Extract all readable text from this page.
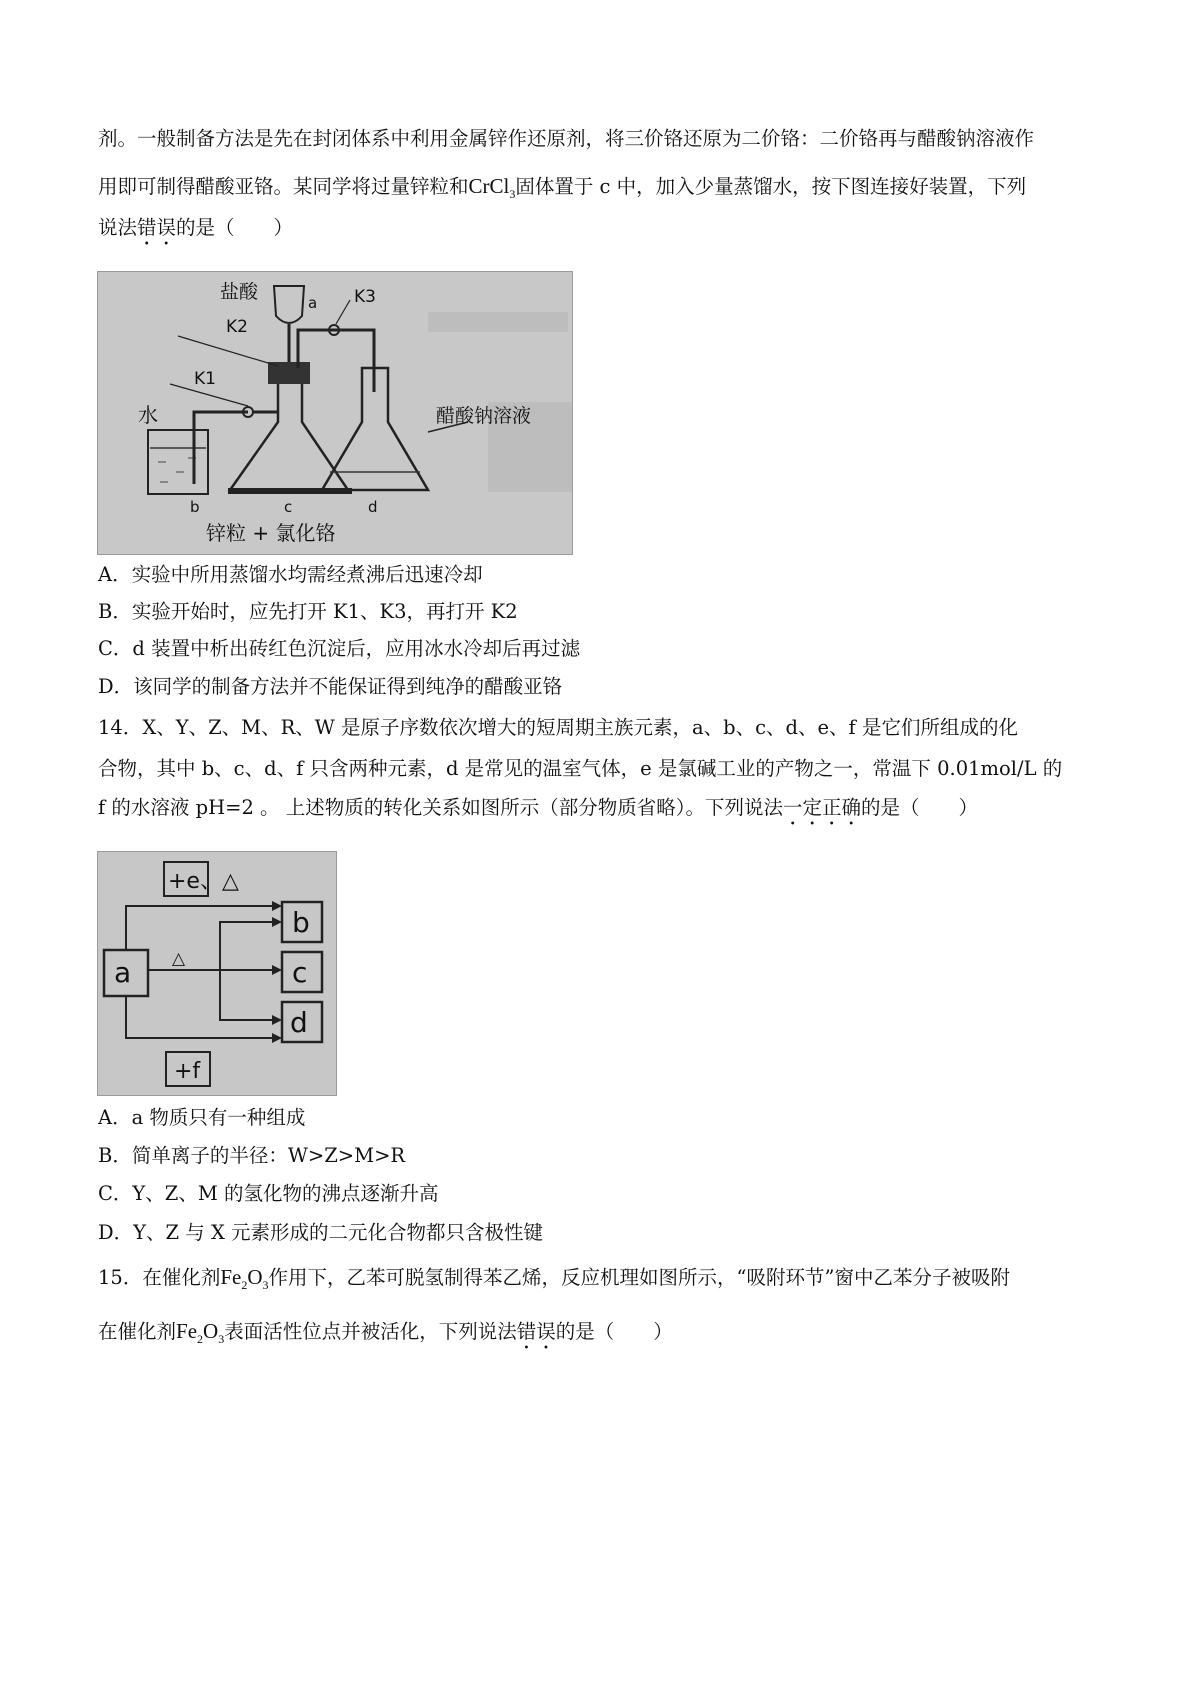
剂。一般制备方法是先在封闭体系中利用金属锌作还原剂，将三价铬还原为二价铬：二价铬再与醋酸钠溶液作
用即可制得醋酸亚铬。某同学将过量锌粒和CrCl$_3$固体置于 c 中，加入少量蒸馏水，按下图连接好装置，下列
说法错误的是（　　）
盐酸	a K3
K2
K1
水	醋酸钠溶液
b	c	d
锌粒 + 氯化铬
A．实验中所用蒸馏水均需经煮沸后迅速冷却
B．实验开始时，应先打开 K1、K3，再打开 K2
C．d 装置中析出砖红色沉淀后，应用冰水冷却后再过滤
D．该同学的制备方法并不能保证得到纯净的醋酸亚铬
14．X、Y、Z、M、R、W 是原子序数依次增大的短周期主族元素，a、b、c、d、e、f 是它们所组成的化
合物，其中 b、c、d、f 只含两种元素，d 是常见的温室气体，e 是氯碱工业的产物之一，常温下 0.01mol/L 的
f 的水溶液 pH=2 。 上述物质的转化关系如图所示（部分物质省略）。下列说法一定正确的是（　　）
+e、△
△
+f
a
b
c
d
A．a 物质只有一种组成
B．简单离子的半径：W>Z>M>R
C．Y、Z、M 的氢化物的沸点逐渐升高
D．Y、Z 与 X 元素形成的二元化合物都只含极性键
15．在催化剂$Fe_2O_3$作用下，乙苯可脱氢制得苯乙烯，反应机理如图所示，“吸附环节”窗中乙苯分子被吸附
在催化剂$Fe_2O_3$表面活性位点并被活化，下列说法错误的是（　　）
